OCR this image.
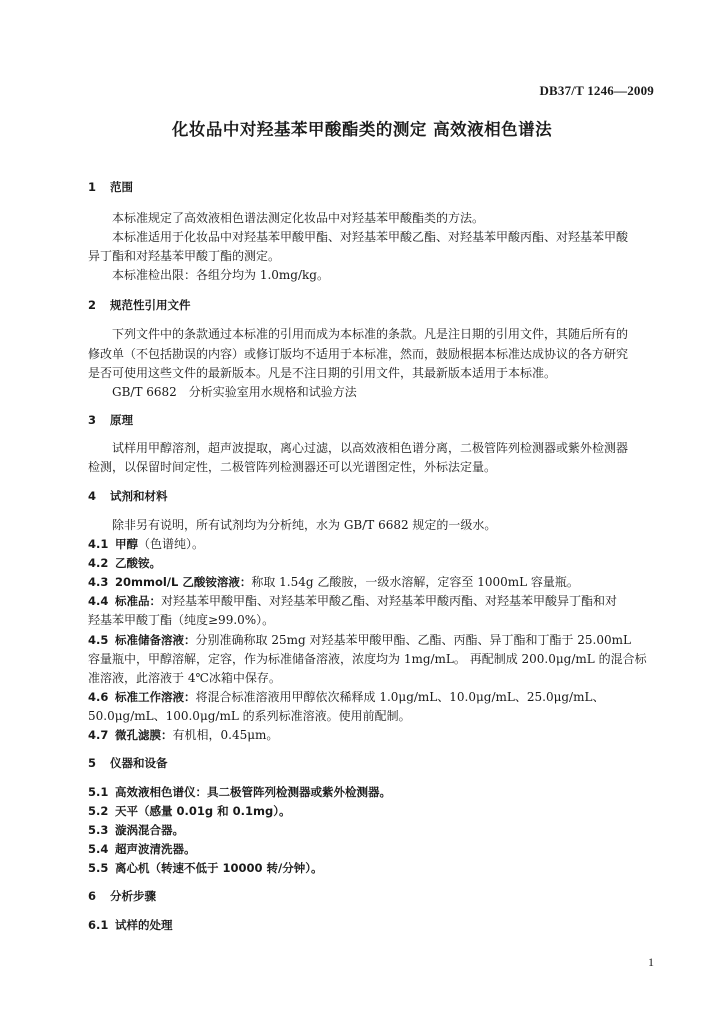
DB37/T 1246—2009
化妆品中对羟基苯甲酸酯类的测定 高效液相色谱法
1 范围
本标准规定了高效液相色谱法测定化妆品中对羟基苯甲酸酯类的方法。
本标准适用于化妆品中对羟基苯甲酸甲酯、对羟基苯甲酸乙酯、对羟基苯甲酸丙酯、对羟基苯甲酸
异丁酯和对羟基苯甲酸丁酯的测定。
本标准检出限：各组分均为 1.0mg/kg。
2 规范性引用文件
下列文件中的条款通过本标准的引用而成为本标准的条款。凡是注日期的引用文件，其随后所有的
修改单（不包括勘误的内容）或修订版均不适用于本标准，然而，鼓励根据本标准达成协议的各方研究
是否可使用这些文件的最新版本。凡是不注日期的引用文件，其最新版本适用于本标准。
GB/T 6682　分析实验室用水规格和试验方法
3 原理
试样用甲醇溶剂，超声波提取，离心过滤，以高效液相色谱分离，二极管阵列检测器或紫外检测器
检测，以保留时间定性，二极管阵列检测器还可以光谱图定性，外标法定量。
4 试剂和材料
除非另有说明，所有试剂均为分析纯，水为 GB/T 6682 规定的一级水。
4.1 甲醇（色谱纯）。
4.2 乙酸铵。
4.3 20mmol/L 乙酸铵溶液：称取 1.54g 乙酸胺，一级水溶解，定容至 1000mL 容量瓶。
4.4 标准品：对羟基苯甲酸甲酯、对羟基苯甲酸乙酯、对羟基苯甲酸丙酯、对羟基苯甲酸异丁酯和对
羟基苯甲酸丁酯（纯度≥99.0%）。
4.5 标准储备溶液：分别准确称取 25mg 对羟基苯甲酸甲酯、乙酯、丙酯、异丁酯和丁酯于 25.00mL
容量瓶中，甲醇溶解，定容，作为标准储备溶液，浓度均为 1mg/mL。 再配制成 200.0μg/mL 的混合标
准溶液，此溶液于 4℃冰箱中保存。
4.6 标准工作溶液：将混合标准溶液用甲醇依次稀释成 1.0μg/mL、10.0μg/mL、25.0μg/mL、
50.0μg/mL、100.0μg/mL 的系列标准溶液。使用前配制。
4.7 微孔滤膜：有机相，0.45μm。
5 仪器和设备
5.1 高效液相色谱仪：具二极管阵列检测器或紫外检测器。
5.2 天平（感量 0.01g 和 0.1mg）。
5.3 漩涡混合器。
5.4 超声波清洗器。
5.5 离心机（转速不低于 10000 转/分钟）。
6 分析步骤
6.1 试样的处理
1
